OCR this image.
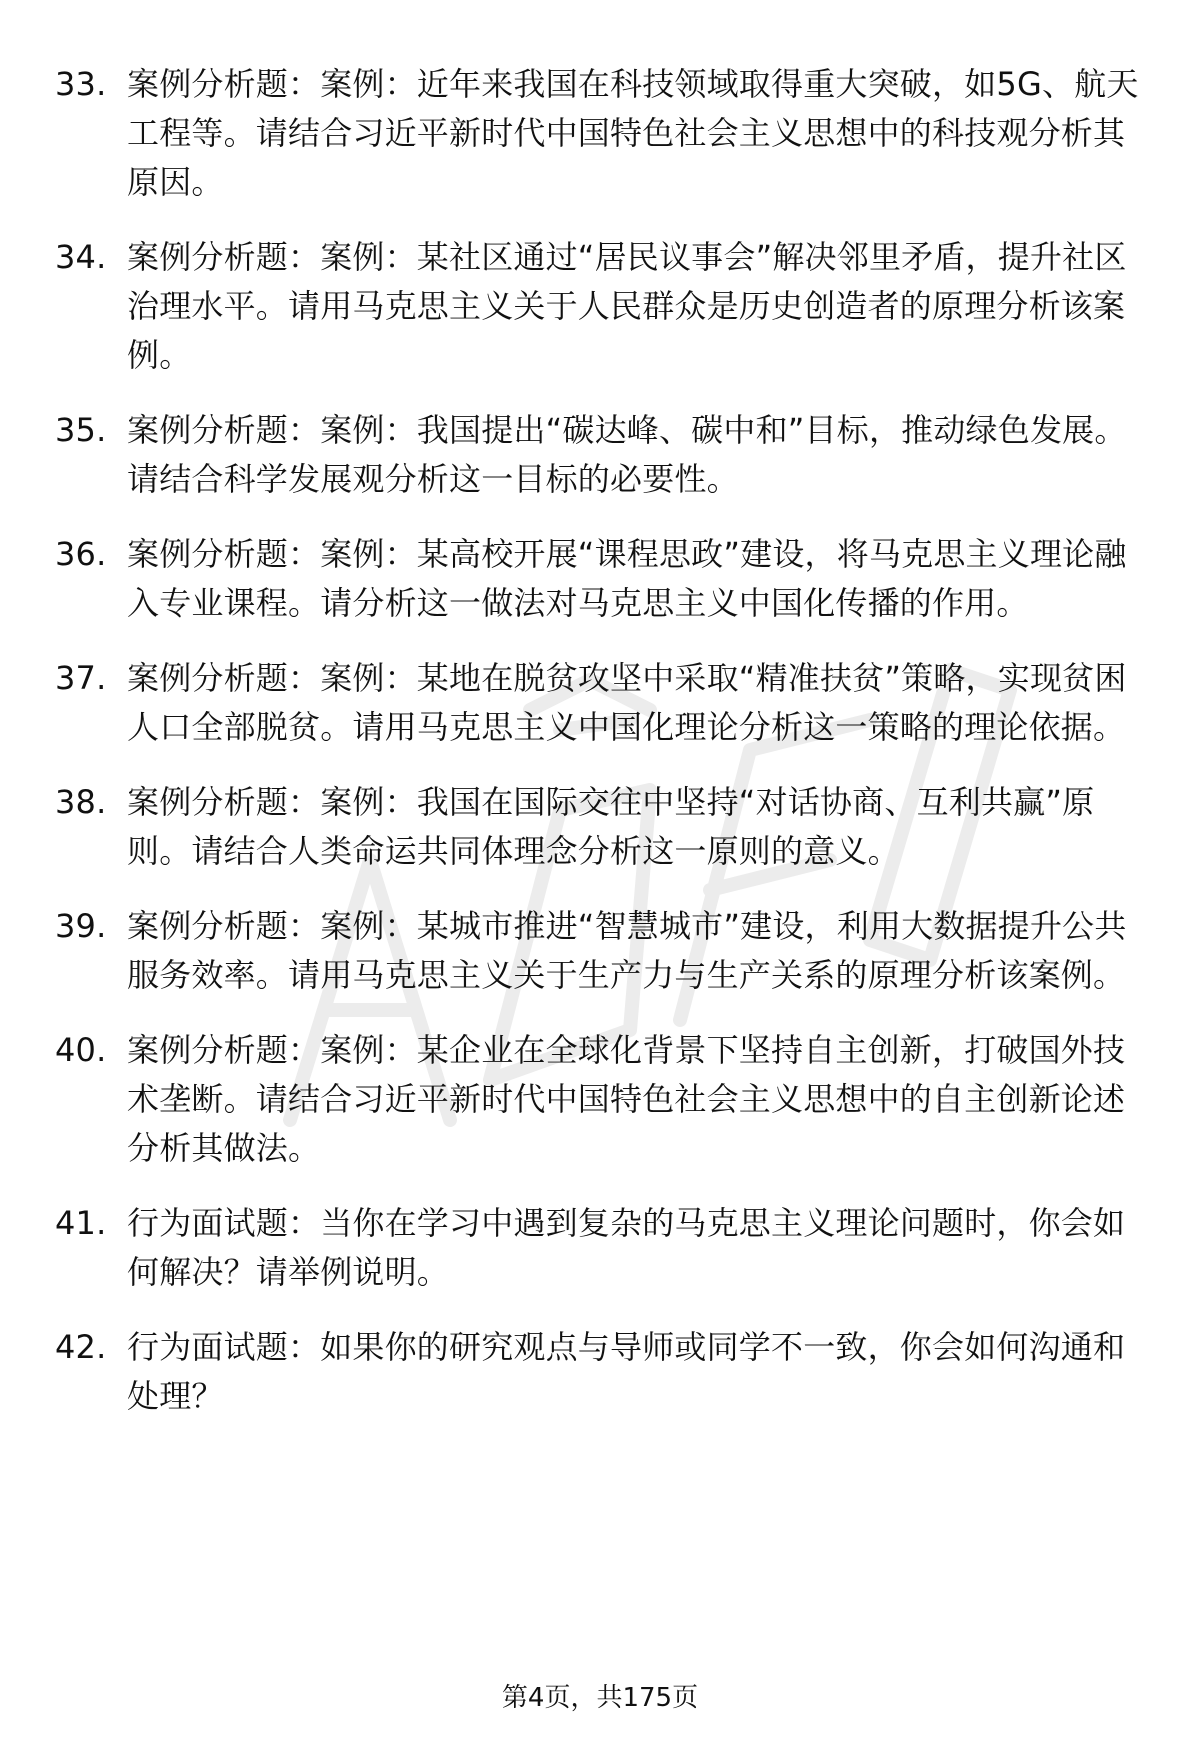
33. 案例分析题：案例：近年来我国在科技领域取得重大突破，如5G、航天工程等。请结合习近平新时代中国特色社会主义思想中的科技观分析其原因。
34. 案例分析题：案例：某社区通过“居民议事会”解决邻里矛盾，提升社区治理水平。请用马克思主义关于人民群众是历史创造者的原理分析该案例。
35. 案例分析题：案例：我国提出“碳达峰、碳中和”目标，推动绿色发展。请结合科学发展观分析这一目标的必要性。
36. 案例分析题：案例：某高校开展“课程思政”建设，将马克思主义理论融入专业课程。请分析这一做法对马克思主义中国化传播的作用。
37. 案例分析题：案例：某地在脱贫攻坚中采取“精准扶贫”策略，实现贫困人口全部脱贫。请用马克思主义中国化理论分析这一策略的理论依据。
38. 案例分析题：案例：我国在国际交往中坚持“对话协商、互利共赢”原则。请结合人类命运共同体理念分析这一原则的意义。
39. 案例分析题：案例：某城市推进“智慧城市”建设，利用大数据提升公共服务效率。请用马克思主义关于生产力与生产关系的原理分析该案例。
40. 案例分析题：案例：某企业在全球化背景下坚持自主创新，打破国外技术垄断。请结合习近平新时代中国特色社会主义思想中的自主创新论述分析其做法。
41. 行为面试题：当你在学习中遇到复杂的马克思主义理论问题时，你会如何解决？请举例说明。
42. 行为面试题：如果你的研究观点与导师或同学不一致，你会如何沟通和处理？
第4页，共175页
